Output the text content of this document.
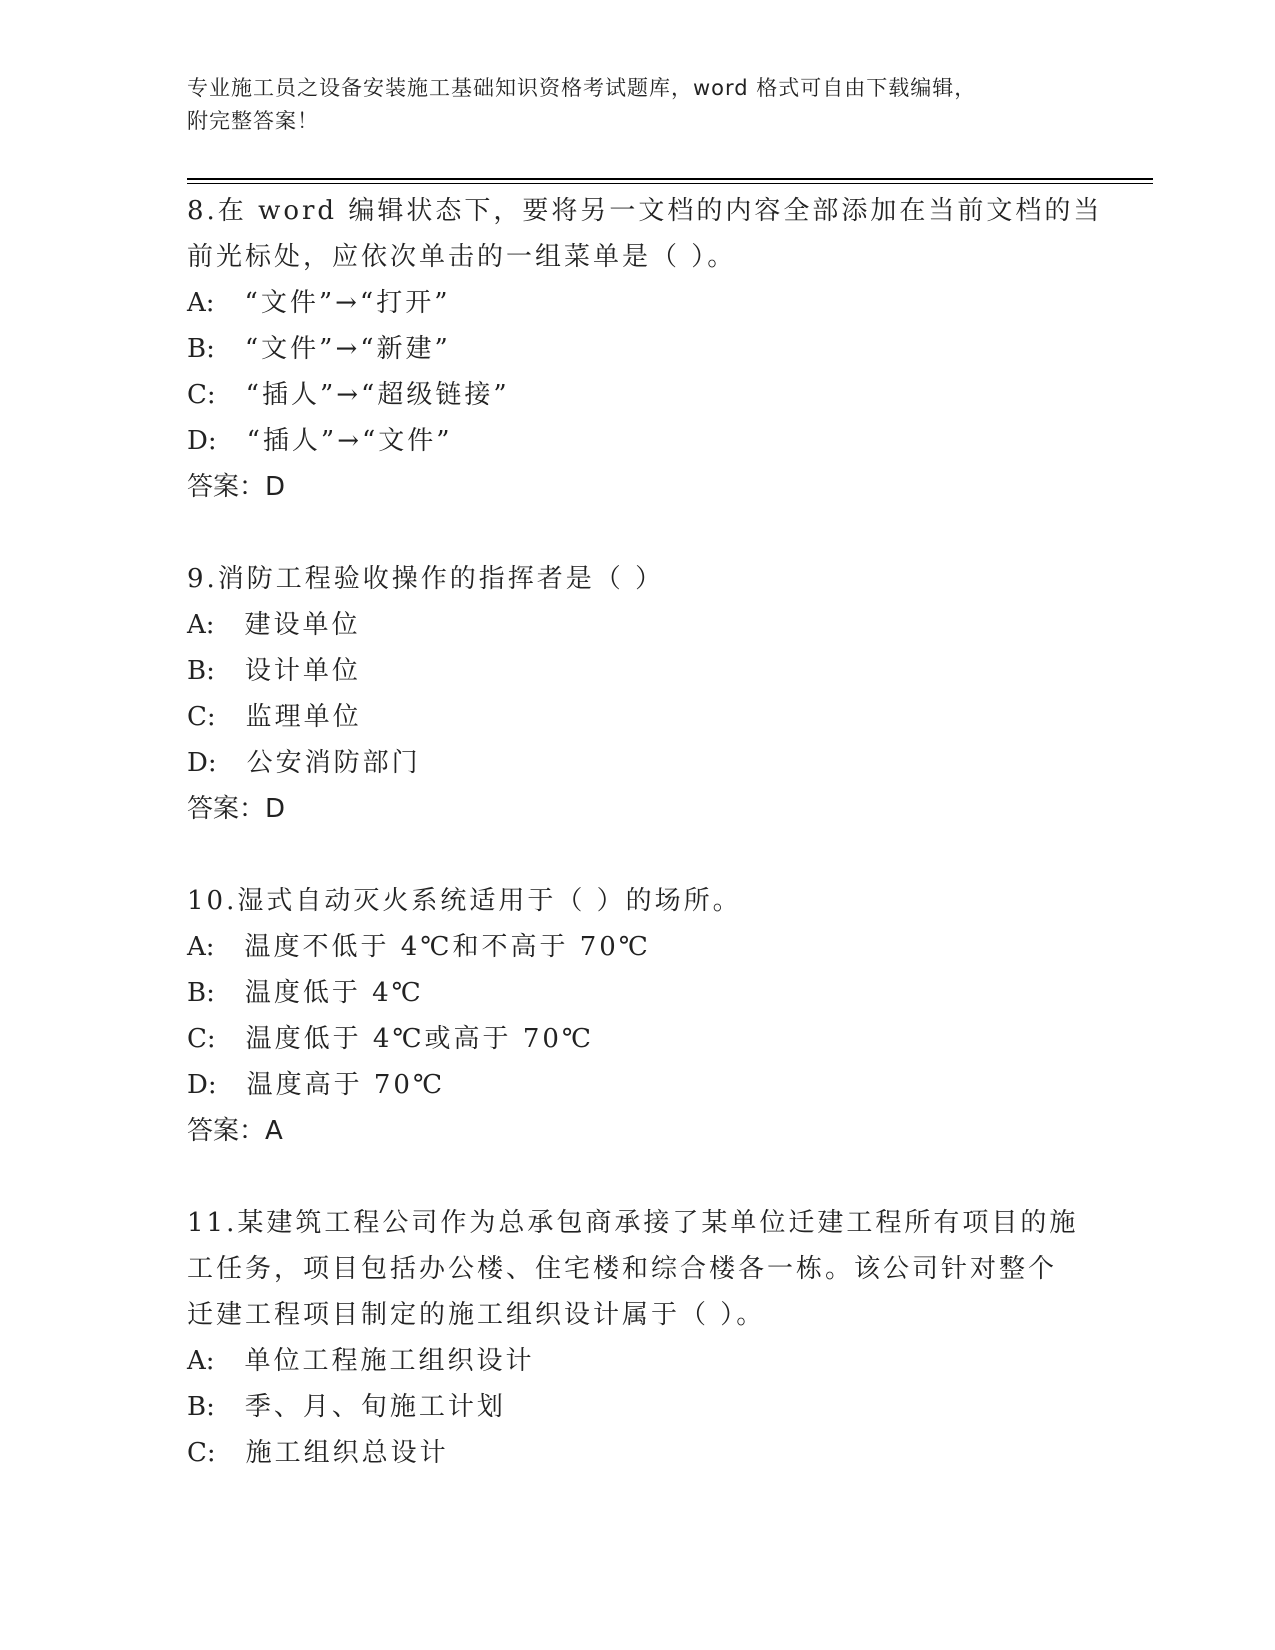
专业施工员之设备安装施工基础知识资格考试题库，word 格式可自由下载编辑，
附完整答案！
8.在 word 编辑状态下，要将另一文档的内容全部添加在当前文档的当
前光标处，应依次单击的一组菜单是（ ）。
A: “文件”→“打开”
B: “文件”→“新建”
C: “插人”→“超级链接”
D: “插人”→“文件”
答案：D
9.消防工程验收操作的指挥者是（ ）
A: 建设单位
B: 设计单位
C: 监理单位
D: 公安消防部门
答案：D
10.湿式自动灭火系统适用于（ ）的场所。
A: 温度不低于 4℃和不高于 70℃
B: 温度低于 4℃
C: 温度低于 4℃或高于 70℃
D: 温度高于 70℃
答案：A
11.某建筑工程公司作为总承包商承接了某单位迁建工程所有项目的施
工任务，项目包括办公楼、住宅楼和综合楼各一栋。该公司针对整个
迁建工程项目制定的施工组织设计属于（ ）。
A: 单位工程施工组织设计
B: 季、月、旬施工计划
C: 施工组织总设计
